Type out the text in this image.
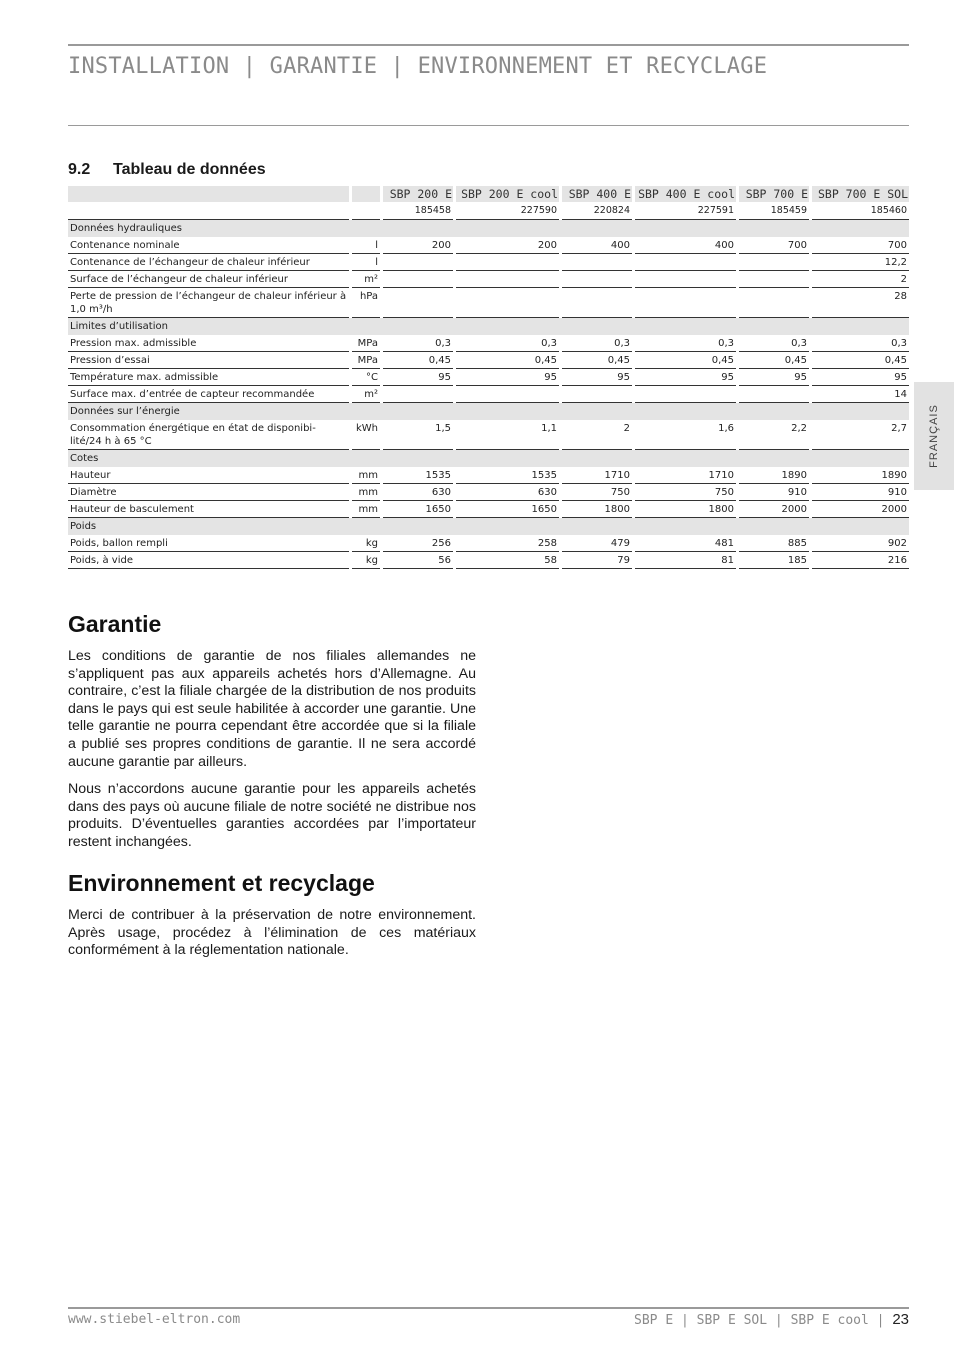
INSTALLATION | GARANTIE | ENVIRONNEMENT ET RECYCLAGE
9.2 Tableau de données
		SBP 200 E	SBP 200 E cool	SBP 400 E	SBP 400 E cool	SBP 700 E	SBP 700 E SOL
		185458	227590	220824	227591	185459	185460
Données hydrauliques							
Contenance nominale	l	200	200	400	400	700	700
Contenance de l’échangeur de chaleur inférieur	l						12,2
Surface de l’échangeur de chaleur inférieur	m²						2
Perte de pression de l’échangeur de chaleur inférieur à 1,0 m³/h	hPa						28
Limites d’utilisation							
Pression max. admissible	MPa	0,3	0,3	0,3	0,3	0,3	0,3
Pression d’essai	MPa	0,45	0,45	0,45	0,45	0,45	0,45
Température max. admissible	°C	95	95	95	95	95	95
Surface max. d’entrée de capteur recommandée	m²						14
Données sur l’énergie							
Consommation énergétique en état de disponibi-lité/24 h à 65 °C	kWh	1,5	1,1	2	1,6	2,2	2,7
Cotes							
Hauteur	mm	1535	1535	1710	1710	1890	1890
Diamètre	mm	630	630	750	750	910	910
Hauteur de basculement	mm	1650	1650	1800	1800	2000	2000
Poids							
Poids, ballon rempli	kg	256	258	479	481	885	902
Poids, à vide	kg	56	58	79	81	185	216
Garantie

Les conditions de garantie de nos filiales allemandes ne s’appliquent pas aux appareils achetés hors d’Allemagne. Au contraire, c’est la filiale chargée de la distribution de nos produits dans le pays qui est seule habilitée à accorder une garantie. Une telle garantie ne pourra cependant être accordée que si la filiale a publié ses propres conditions de garantie. Il ne sera accordé aucune garantie par ailleurs.

Nous n’accordons aucune garantie pour les appareils achetés dans des pays où aucune filiale de notre société ne distribue nos produits. D’éventuelles garanties accordées par l’importateur restent inchangées.

Environnement et recyclage

Merci de contribuer à la préservation de notre environnement. Après usage, procédez à l’élimination de ces matériaux conformément à la réglementation nationale.

FRANÇAIS
www.stiebel-eltron.com	SBP E | SBP E SOL | SBP E cool | 23
